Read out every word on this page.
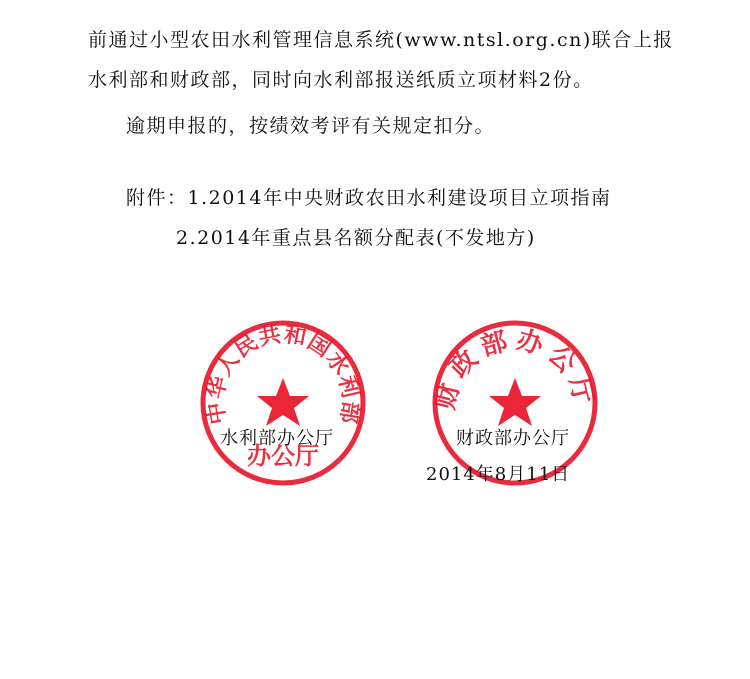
前通过小型农田水利管理信息系统(www.ntsl.org.cn)联合上报
水利部和财政部，同时向水利部报送纸质立项材料2份。
逾期申报的，按绩效考评有关规定扣分。
附件：1.2014年中央财政农田水利建设项目立项指南
2.2014年重点县名额分配表(不发地方)
中华人民共和国水利部
办公厅
财政部办公厅
水利部办公厅	财政部办公厅
2014年8月11日
